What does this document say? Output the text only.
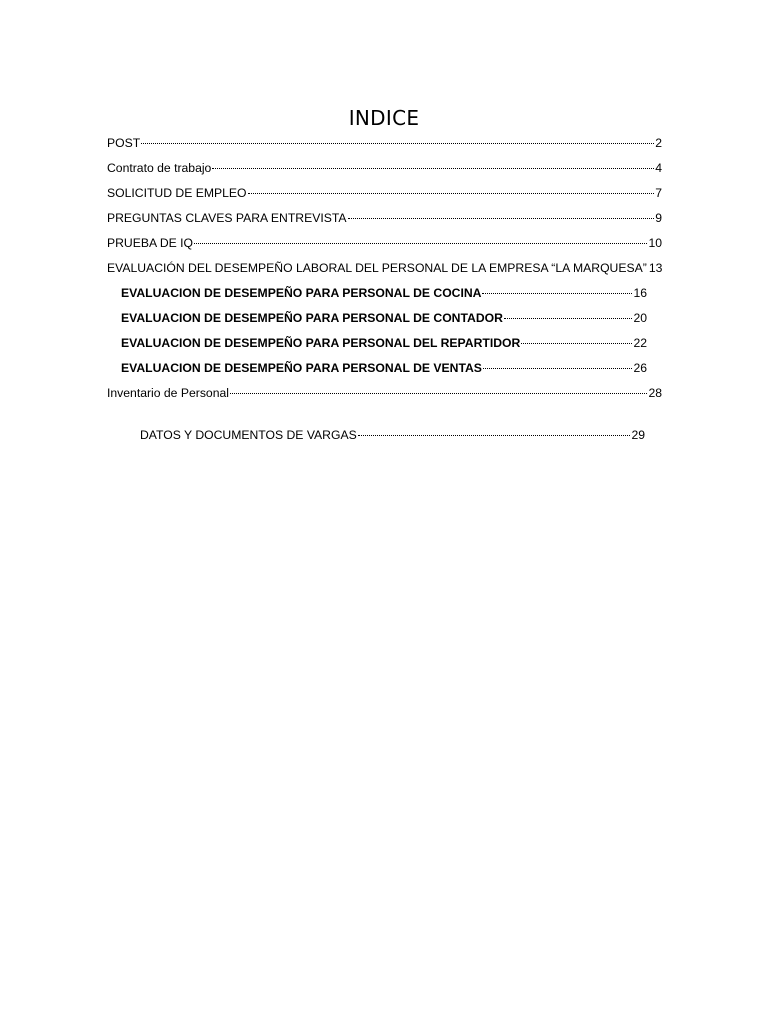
INDICE
POST	2
Contrato de trabajo	4
SOLICITUD DE EMPLEO	7
PREGUNTAS CLAVES PARA ENTREVISTA	9
PRUEBA DE IQ	10
EVALUACIÓN DEL DESEMPEÑO LABORAL DEL PERSONAL DE LA EMPRESA “LA MARQUESA” 13
EVALUACION DE DESEMPEÑO PARA PERSONAL DE COCINA	16
EVALUACION DE DESEMPEÑO PARA PERSONAL DE CONTADOR	20
EVALUACION DE DESEMPEÑO PARA PERSONAL DEL REPARTIDOR	22
EVALUACION DE DESEMPEÑO PARA PERSONAL DE VENTAS	26
Inventario de Personal	28
DATOS Y DOCUMENTOS DE VARGAS	29
